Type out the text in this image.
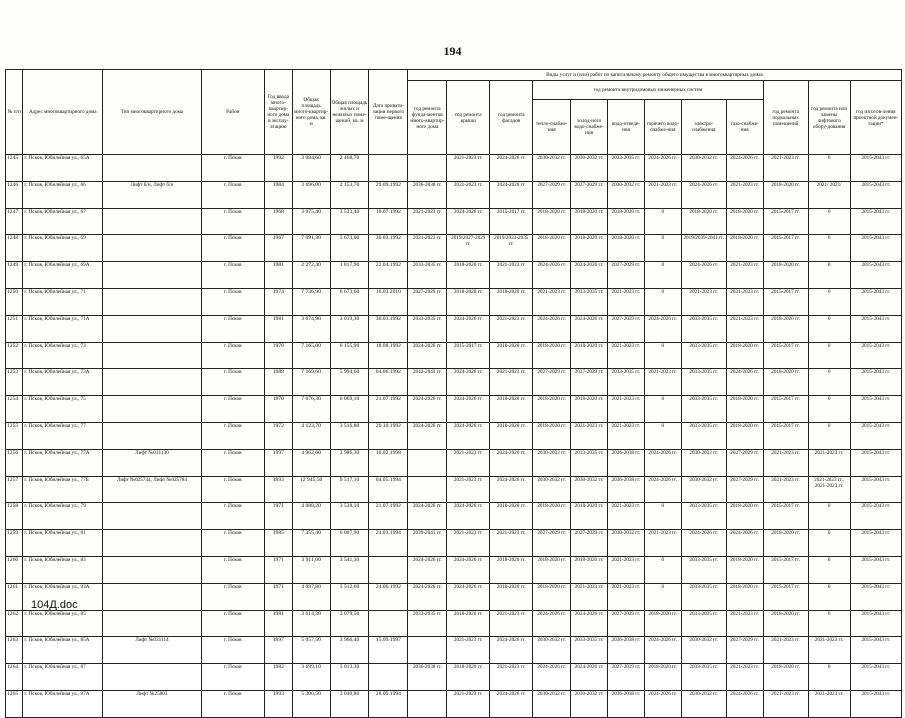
194
№ п/п	Адрес многоквартирного дома	Тип многоквартирного дома	Район	Год ввода много-квартир-ного дома в эксплу-атацию	Общая площадь много-квартир-ного дома, кв. м	Общая площадь жилых и нежилых поме-щений, кв. м	Дата привати-зации первого поме-щения	Виды услуг и (или) работ по капитальному ремонту общего имущества в многоквартирных домах											
								год ремонта фунда-ментов много-квартир-ного дома	год ремонта крыши	год ремонта фасадов	год ремонта внутридомовых инженерных систем						год ремонта подвальных помещений	год ремонта или замены лифтового обору-дования	год изготов-ления проектной докумен-тации*
											тепло-снабже-ния	холод-ного водо-снабже-ния	водо-отведе-ния	горячего водо-снабже-ния	электро-снабжения	газо-снабже-ния			
1245	г. Псков, Юбилейная ул., 65А		г. Псков	1992	3 084,60	2 468,70			2021-2023 гг.	2024-2026 гг.	2030-2032 гг.	2030-2032 гг.	2033-2035 гг.	2024-2026 гг.	2030-2032 гг.	2024-2026 гг.	2021-2023 гг.	0	2015-2043 гг.
1246	г. Псков, Юбилейная ул., 66	Лифт б/н, Лифт б/н	г. Псков	1984	3 696,00	2 153,70	29.09.1992	2036-2038 гг.	2021-2023 гг.	2024-2026 гг.	2027-2029 гг.	2027-2029 гг.	2030-2032 гг.	2021-2023 гг.	2024-2026 гг.	2021-2023 гг.	2018-2020 гг.	2021/ 2021/	2015-2043 гг.
1247	г. Псков, Юбилейная ул., 67		г. Псков	1968	3 975,40	3 533,40	10.07.1992	2021-2023 гг.	2024-2026 гг.	2015-2017 гг.	2018-2020 гг.	2018-2020 гг.	2018-2020 гг.	0	2018-2020 гг.	2018-2020 гг.	2015-2017 гг.	0	2015-2043 гг.
1248	г. Псков, Юбилейная ул., 69		г. Псков	1967	7 091,30	5 673,00	30.03.1992	2021-2023 гг.	2019/2027-2029 гг.	2019/2033-2035 гг.	2018-2020 гг.	2018-2020 гг.	2018-2020 гг.	0	2019/2039-2041 гг.	2018-2020 гг.	2015-2017 гг.	0	2015-2043 гг.
1249	г. Псков, Юбилейная ул., 69А		г. Псков	1981	2 272,40	1 817,90	22.04.1992	2033-2035 гг.	2018-2020 гг.	2021-2023 гг.	2024-2026 гг.	2024-2026 гг.	2027-2029 гг.	0	2024-2026 гг.	2021-2023 гг.	2018-2020 гг.	0	2015-2043 гг.
1250	г. Псков, Юбилейная ул., 71		г. Псков	1974	7 736,90	6 673,60	16.03.2010	2027-2029 гг.	2018-2020 гг.	2018-2020 гг.	2021-2023 гг.	2033-2035 гг.	2021-2023 гг.	0	2021-2023 гг.	2021-2023 гг.	2015-2017 гг.	0	2015-2043 гг.
1251	г. Псков, Юбилейная ул., 71А		г. Псков	1981	3 674,90	3 019,30	30.03.1992	2033-2035 гг.	2024-2026 гг.	2021-2023 гг.	2024-2026 гг.	2024-2026 гг.	2027-2029 гг.	2024-2026 гг.	2033-2035 гг.	2021-2023 гг.	2018-2020 гг.	0	2015-2043 гг.
1252	г. Псков, Юбилейная ул., 73		г. Псков	1970	7 165,00	6 155,90	18.08.1992	2024-2026 гг.	2015-2017 гг.	2018-2020 гг.	2018-2020 гг.	2018-2020 гг.	2021-2023 гг.	0	2033-2035 гг.	2018-2020 гг.	2015-2017 гг.	0	2015-2043 гг.
1253	г. Псков, Юбилейная ул., 73А		г. Псков	1988	7 169,60	5 994,60	04.06.1992	2042-2043 гг.	2024-2026 гг.	2021-2023 гг.	2027-2029 гг.	2027-2029 гг.	2033-2035 гг.	2021-2023 гг.	2033-2035 гг.	2024-2026 гг.	2018-2020 гг.	0	2015-2043 гг.
1254	г. Псков, Юбилейная ул., 75		г. Псков	1970	7 076,30	6 069,10	21.07.1992	2024-2026 гг.	2024-2026 гг.	2018-2020 гг.	2018-2020 гг.	2018-2020 гг.	2021-2023 гг.	0	2033-2035 гг.	2018-2020 гг.	2015-2017 гг.	0	2015-2043 гг.
1255	г. Псков, Юбилейная ул., 77		г. Псков	1972	4 123,70	3 516,80	20.10.1992	2024-2026 гг.	2024-2026 гг.	2018-2020 гг.	2018-2020 гг.	2021-2023 гг.	2021-2023 гг.	0	2033-2035 гг.	2018-2020 гг.	2015-2017 гг.	0	2015-2043 гг.
1256	г. Псков, Юбилейная ул., 77А	Лифт №031130	г. Псков	1997	4 962,60	3 986,30	10.02.1998		2021-2023 гг.	2024-2026 гг.	2030-2032 гг.	2033-2035 гг.	2036-2038 гг.	2024-2026 гг.	2030-2032 гг.	2027-2029 гг.	2021-2023 гг.	2021-2023 гг.	2015-2043 гг.
1257	г. Псков, Юбилейная ул., 77Б	Лифт №025744, Лифт №025784	г. Псков	1993	12 945,50	9 517,10	04.05.1994		2021-2023 гг.	2024-2026 гг.	2030-2032 гг.	2030-2032 гг.	2036-2038 гг.	2024-2026 гг.	2030-2032 гг.	2027-2029 гг.	2021-2023 гг.	2021-2023 гг., 2021-2023 гг.	2015-2043 гг.
1258	г. Псков, Юбилейная ул., 79		г. Псков	1971	4 088,20	3 538,10	21.07.1992	2024-2026 гг.	2024-2026 гг.	2018-2020 гг.	2018-2020 гг.	2018-2020 гг.	2021-2023 гг.	0	2033-2035 гг.	2018-2020 гг.	2015-2017 гг.	0	2015-2043 гг.
1259	г. Псков, Юбилейная ул., 81		г. Псков	1985	7 355,40	6 007,90	24.03.1994	2039-2041 гг.	2021-2023 гг.	2021-2023 гг.	2027-2029 гг.	2027-2029 гг.	2030-2032 гг.	2021-2023 гг.	2024-2026 гг.	2024-2026 гг.	2018-2020 гг.	0	2015-2043 гг.
1260	г. Псков, Юбилейная ул., 83		г. Псков	1971	3 911,00	3 541,30		2024-2026 гг.	2024-2026 гг.	2018-2020 гг.	2018-2020 гг.	2018-2020 гг.	2021-2023 гг.	0	2033-2035 гг.	2018-2020 гг.	2015-2017 гг.	0	2015-2043 гг.
1261	г. Псков, Юбилейная ул., 83А		г. Псков	1971	4 087,80	3 512,60	24.06.1992	2024-2026 гг.	2024-2026 гг.	2018-2020 гг.	2018-2020 гг.	2021-2023 гг.	2021-2023 гг.	0	2033-2035 гг.	2018-2020 гг.	2015-2017 гг.	0	2015-2043 гг.
1262	г. Псков, Юбилейная ул., 85		г. Псков	1981	3 614,30	3 079,50		2033-2035 гг.	2018-2020 гг.	2021-2023 гг.	2024-2026 гг.	2024-2026 гг.	2027-2029 гг.	2018-2020 гг.	2033-2035 гг.	2021-2023 гг.	2018-2020 гг.	0	2015-2043 гг.
1263	г. Псков, Юбилейная ул., 85А	Лифт №031114	г. Псков	1997	5 057,50	3 966,40	15.09.1997		2021-2023 гг.	2024-2026 гг.	2030-2032 гг.	2033-2035 гг.	2036-2038 гг.	2024-2026 гг.	2030-2032 гг.	2027-2029 гг.	2021-2023 гг.	2021-2023 гг.	2015-2043 гг.
1264	г. Псков, Юбилейная ул., 87		г. Псков	1982	3 699,10	3 013,30		2036-2038 гг.	2018-2020 гг.	2021-2023 гг.	2024-2026 гг.	2024-2026 гг.	2027-2029 гг.	2018-2020 гг.	2033-2035 гг.	2021-2023 гг.	2018-2020 гг.	0	2015-2043 гг.
1265	г. Псков, Юбилейная ул., 87А	Лифт №25803	г. Псков	1993	5 300,50	3 040,80	28.09.1994		2021-2023 гг.	2024-2026 гг.	2030-2032 гг.	2030-2032 гг.	2036-2038 гг.	2024-2026 гг.	2030-2032 гг.	2024-2026 гг.	2021-2023 гг.	2021-2023 гг.	2015-2043 гг.
104Д.doc
